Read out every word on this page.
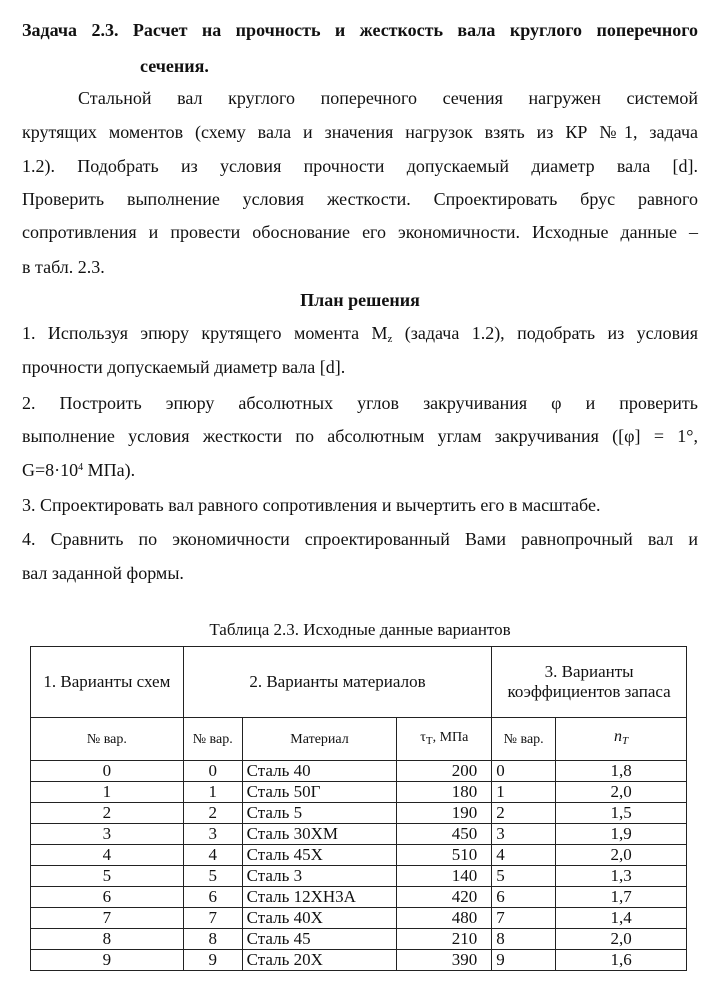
Задача 2.3. Расчет на прочность и жесткость вала круглого поперечного
сечения.
Стальной вал круглого поперечного сечения нагружен системой
крутящих моментов (схему вала и значения нагрузок взять из КР №1, задача
1.2). Подобрать из условия прочности допускаемый диаметр вала [d].
Проверить выполнение условия жесткости. Спроектировать брус равного
сопротивления и провести обоснование его экономичности. Исходные данные –
в табл. 2.3.
План решения
1. Используя эпюру крутящего момента $M_z$ (задача 1.2), подобрать из условия
прочности допускаемый диаметр вала [d].
2. Построить эпюру абсолютных углов закручивания φ и проверить
выполнение условия жесткости по абсолютным углам закручивания ([φ] = 1°,
$G=8\cdot 10^4$ МПа).
3. Спроектировать вал равного сопротивления и вычертить его в масштабе.
4. Сравнить по экономичности спроектированный Вами равнопрочный вал и
вал заданной формы.
Таблица 2.3. Исходные данные вариантов
1. Варианты схем	2. Варианты материалов			3. Варианты коэффициентов запаса	
№ вар.	№ вар.	Материал	$\tau_T$, МПа	№ вар.	$n_T$
0	0	Сталь 40	200	0	1,8
1	1	Сталь 50Г	180	1	2,0
2	2	Сталь 5	190	2	1,5
3	3	Сталь 30ХМ	450	3	1,9
4	4	Сталь 45Х	510	4	2,0
5	5	Сталь 3	140	5	1,3
6	6	Сталь 12ХН3А	420	6	1,7
7	7	Сталь 40Х	480	7	1,4
8	8	Сталь 45	210	8	2,0
9	9	Сталь 20Х	390	9	1,6
